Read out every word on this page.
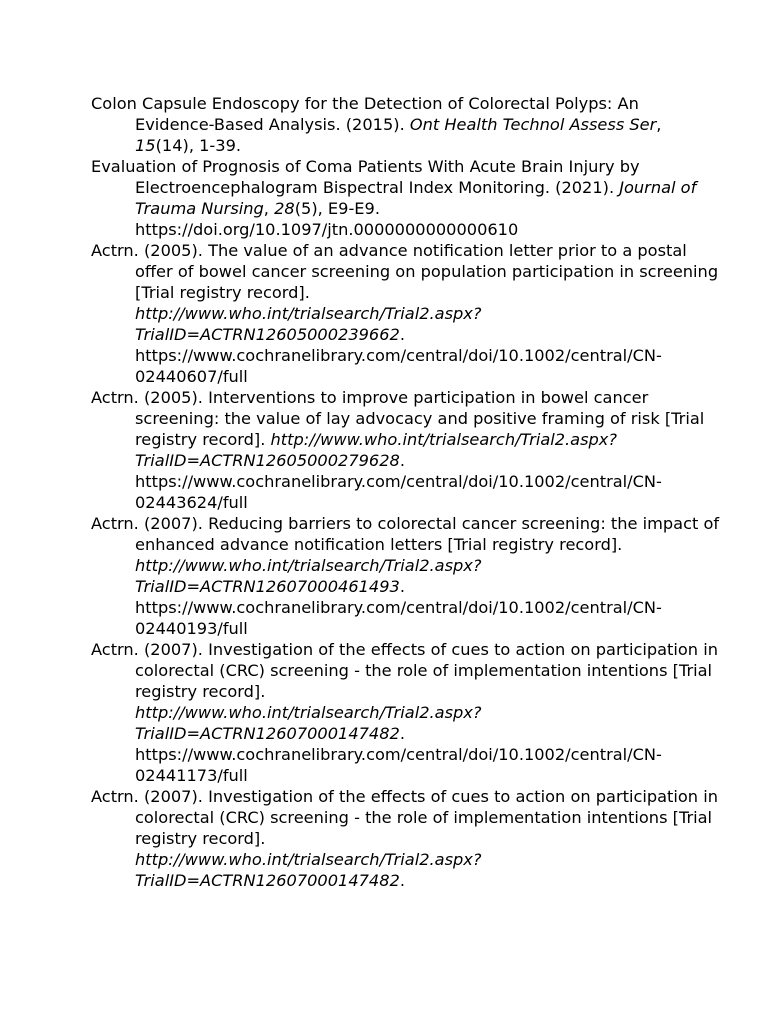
Colon Capsule Endoscopy for the Detection of Colorectal Polyps: An Evidence-Based Analysis. (2015). Ont Health Technol Assess Ser, 15(14), 1-39.

Evaluation of Prognosis of Coma Patients With Acute Brain Injury by Electroencephalogram Bispectral Index Monitoring. (2021). Journal of Trauma Nursing, 28(5), E9-E9.
https://doi.org/10.1097/jtn.0000000000000610

Actrn. (2005). The value of an advance notification letter prior to a postal offer of bowel cancer screening on population participation in screening [Trial registry record].
http://www.who.int/trialsearch/Trial2.aspx?
TrialID=ACTRN12605000239662.
https://www.cochranelibrary.com/central/doi/10.1002/central/CN-
02440607/full

Actrn. (2005). Interventions to improve participation in bowel cancer screening: the value of lay advocacy and positive framing of risk [Trial registry record]. http://www.who.int/trialsearch/Trial2.aspx?
TrialID=ACTRN12605000279628.
https://www.cochranelibrary.com/central/doi/10.1002/central/CN-
02443624/full

Actrn. (2007). Reducing barriers to colorectal cancer screening: the impact of enhanced advance notification letters [Trial registry record]. http://www.who.int/trialsearch/Trial2.aspx?
TrialID=ACTRN12607000461493.
https://www.cochranelibrary.com/central/doi/10.1002/central/CN-
02440193/full

Actrn. (2007). Investigation of the effects of cues to action on participation in colorectal (CRC) screening - the role of implementation intentions [Trial registry record].
http://www.who.int/trialsearch/Trial2.aspx?
TrialID=ACTRN12607000147482.
https://www.cochranelibrary.com/central/doi/10.1002/central/CN-
02441173/full

Actrn. (2007). Investigation of the effects of cues to action on participation in colorectal (CRC) screening - the role of implementation intentions [Trial registry record].
http://www.who.int/trialsearch/Trial2.aspx?
TrialID=ACTRN12607000147482.
